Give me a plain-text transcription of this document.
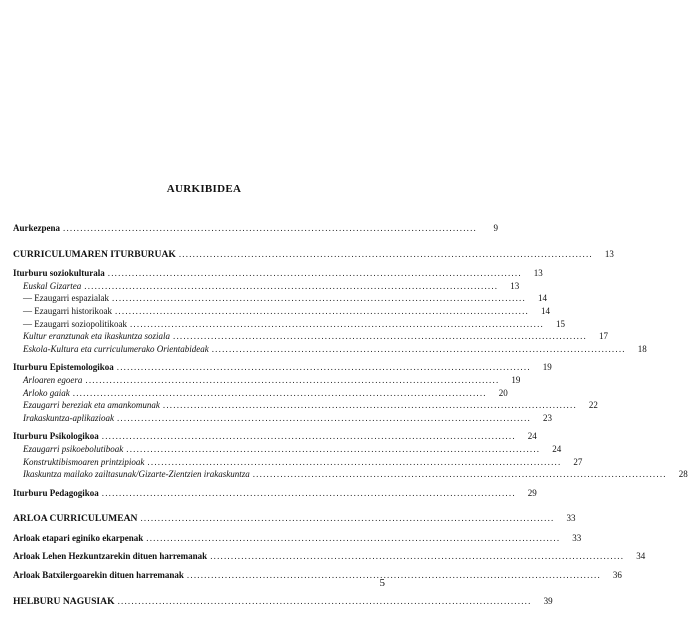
AURKIBIDEA
Aurkezpena ........................................................................................................................	9
CURRICULUMAREN ITURBURUAK ........................................................................................................................	13
Iturburu soziokulturala ........................................................................................................................	13
Euskal Gizartea ........................................................................................................................	13
— Ezaugarri espazialak ........................................................................................................................	14
— Ezaugarri historikoak ........................................................................................................................	14
— Ezaugarri soziopolitikoak ........................................................................................................................	15
Kultur eranztunak eta ikaskuntza soziala ........................................................................................................................	17
Eskola-Kultura eta curriculumerako Orientabideak ........................................................................................................................	18
Iturburu Epistemologikoa ........................................................................................................................	19
Arloaren egoera ........................................................................................................................	19
Arloko gaiak ........................................................................................................................	20
Ezaugarri bereziak eta amankomunak ........................................................................................................................	22
Irakaskuntza-aplikazioak ........................................................................................................................	23
Iturburu Psikologikoa ........................................................................................................................	24
Ezaugarri psikoebolutiboak ........................................................................................................................	24
Konstruktibismoaren printzipioak ........................................................................................................................	27
Ikaskuntza mailako zailtasunak/Gizarte-Zientzien irakaskuntza ........................................................................................................................	28
Iturburu Pedagogikoa ........................................................................................................................	29
ARLOA CURRICULUMEAN ........................................................................................................................	33
Arloak etapari eginiko ekarpenak ........................................................................................................................	33
Arloak Lehen Hezkuntzarekin dituen harremanak ........................................................................................................................	34
Arloak Batxilergoarekin dituen harremanak ........................................................................................................................	36
HELBURU NAGUSIAK ........................................................................................................................	39
5
